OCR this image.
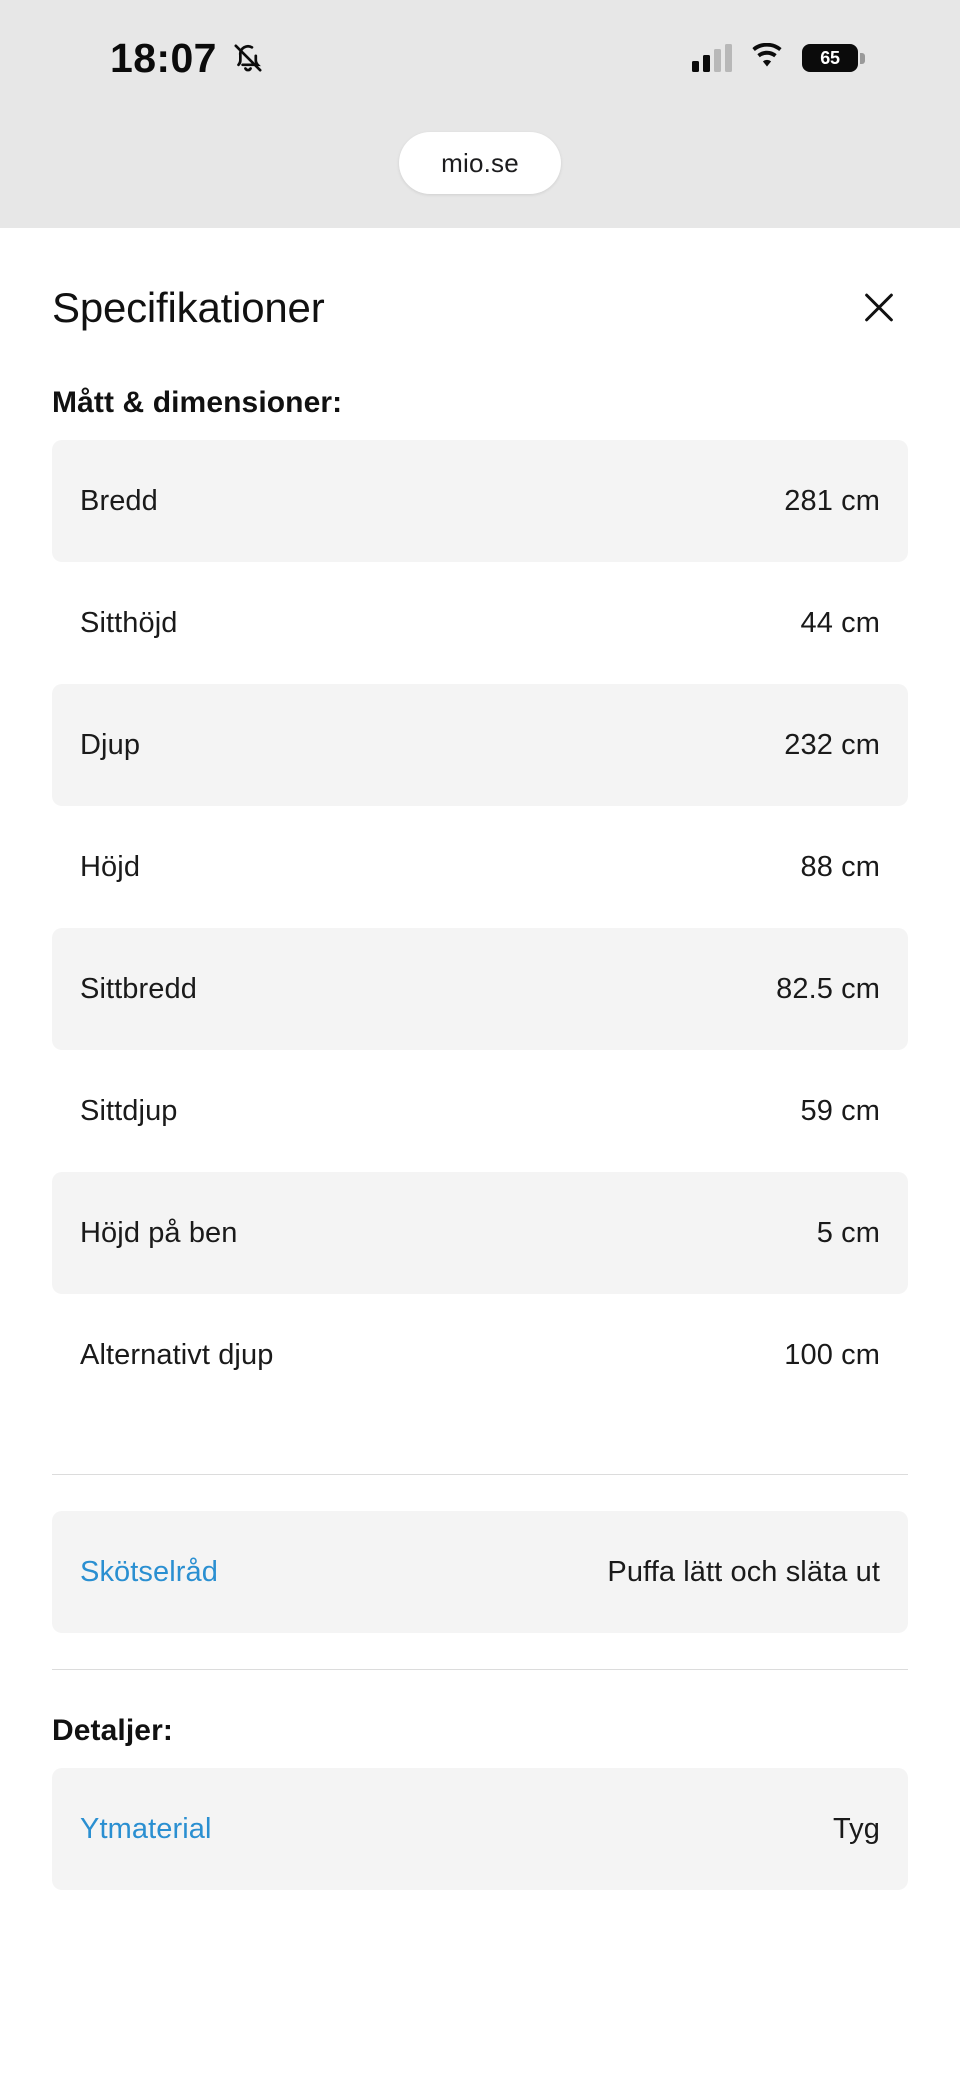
18:07	65
mio.se
Specifikationer
Mått & dimensioner:
Bredd	281 cm
Sitthöjd	44 cm
Djup	232 cm
Höjd	88 cm
Sittbredd	82.5 cm
Sittdjup	59 cm
Höjd på ben	5 cm
Alternativt djup	100 cm
Skötselråd	Puffa lätt och släta ut
Detaljer:
Ytmaterial	Tyg
